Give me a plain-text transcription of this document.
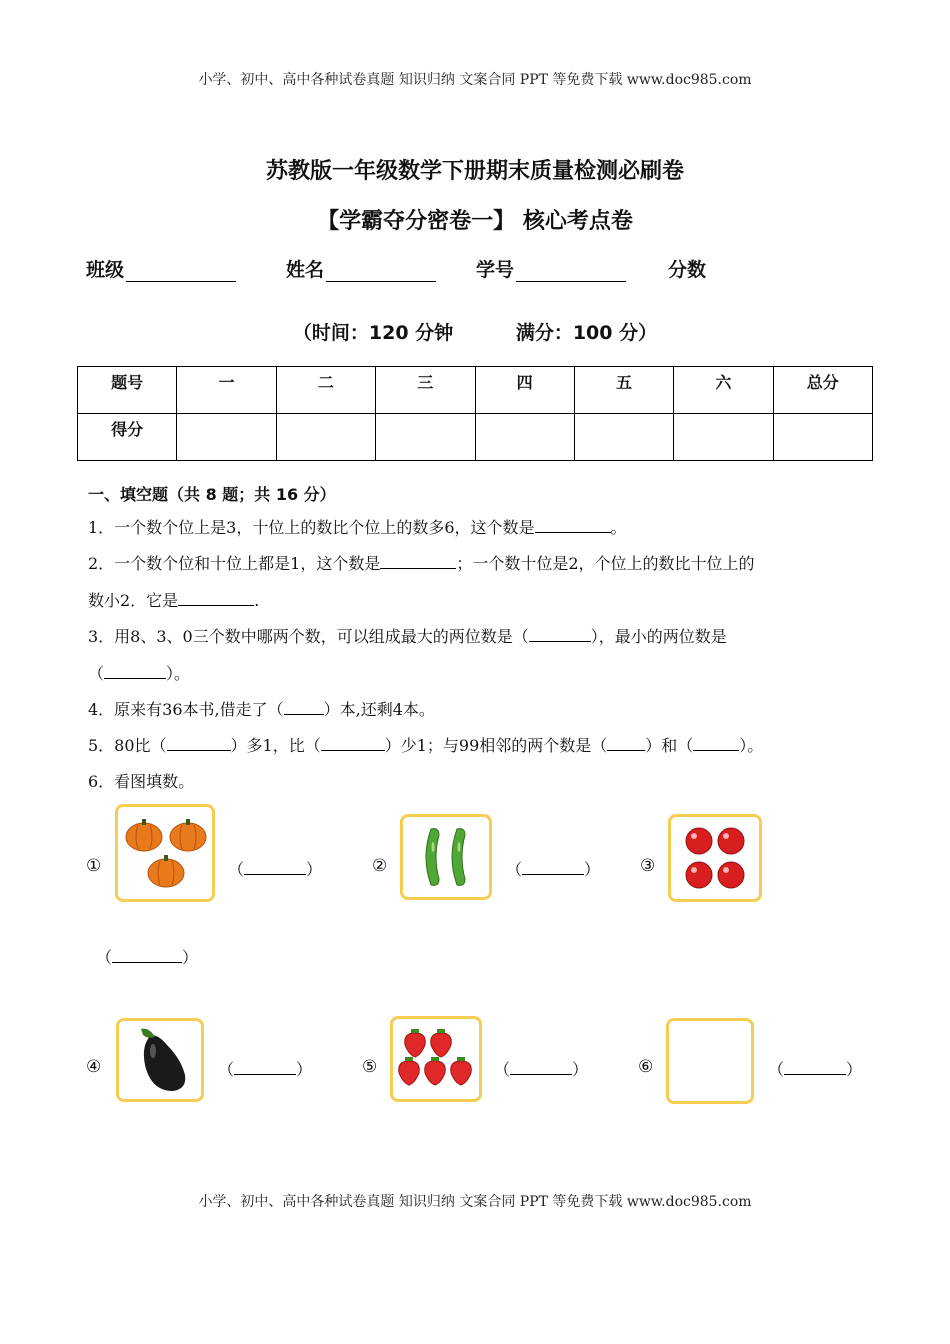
小学、初中、高中各种试卷真题 知识归纳 文案合同 PPT 等免费下载 www.doc985.com
苏教版一年级数学下册期末质量检测必刷卷
【学霸夺分密卷一】 核心考点卷
班级	姓名	学号	分数
（时间：120 分钟	满分：100 分）
题号	一	二	三	四	五	六	总分
得分							
一、填空题（共 8 题；共 16 分）
1．一个数个位上是3，十位上的数比个位上的数多6，这个数是	。
2．一个数个位和十位上都是1，这个数是	；一个数十位是2，个位上的数比十位上的
数小2．它是	.
3．用8、3、0三个数中哪两个数，可以组成最大的两位数是（	），最小的两位数是
（	）。
4．原来有36本书,借走了（	）本,还剩4本。
5．80比（	）多1，比（	）少1；与99相邻的两个数是（ ）和（	）。
6．看图填数。
①	（	）	②	（	） ③
（	）
④	（	）	⑤	（	）	⑥	（	）
小学、初中、高中各种试卷真题 知识归纳 文案合同 PPT 等免费下载 www.doc985.com
